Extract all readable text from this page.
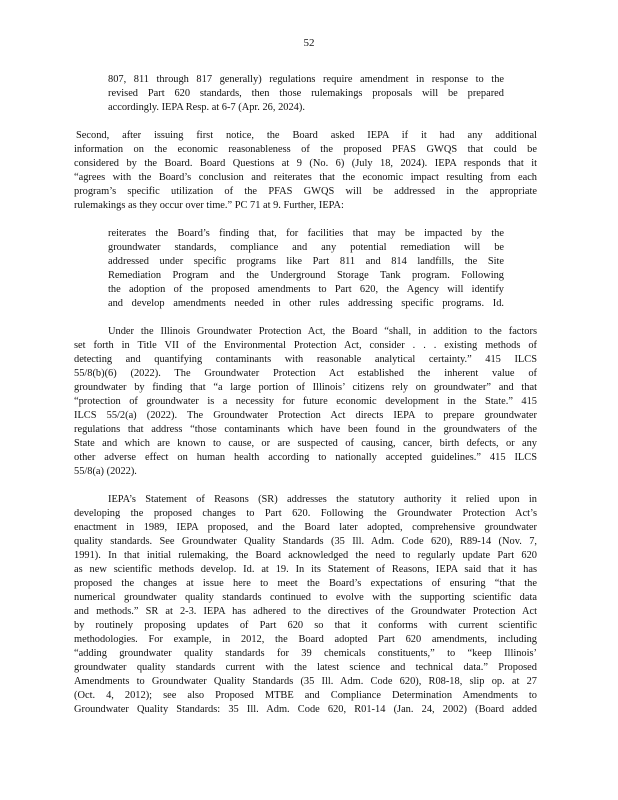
52
807, 811 through 817 generally) regulations require amendment in response to the
revised Part 620 standards, then those rulemakings proposals will be prepared
accordingly. IEPA Resp. at 6-7 (Apr. 26, 2024).
Second, after issuing first notice, the Board asked IEPA if it had any additional
information on the economic reasonableness of the proposed PFAS GWQS that could be
considered by the Board. Board Questions at 9 (No. 6) (July 18, 2024). IEPA responds that it
“agrees with the Board’s conclusion and reiterates that the economic impact resulting from each
program’s specific utilization of the PFAS GWQS will be addressed in the appropriate
rulemakings as they occur over time.” PC 71 at 9. Further, IEPA:
reiterates the Board’s finding that, for facilities that may be impacted by the
groundwater standards, compliance and any potential remediation will be
addressed under specific programs like Part 811 and 814 landfills, the Site
Remediation Program and the Underground Storage Tank program. Following
the adoption of the proposed amendments to Part 620, the Agency will identify
and develop amendments needed in other rules addressing specific programs. Id.
Under the Illinois Groundwater Protection Act, the Board “shall, in addition to the factors
set forth in Title VII of the Environmental Protection Act, consider . . . existing methods of
detecting and quantifying contaminants with reasonable analytical certainty.” 415 ILCS
55/8(b)(6) (2022). The Groundwater Protection Act established the inherent value of
groundwater by finding that “a large portion of Illinois’ citizens rely on groundwater” and that
“protection of groundwater is a necessity for future economic development in the State.” 415
ILCS 55/2(a) (2022). The Groundwater Protection Act directs IEPA to prepare groundwater
regulations that address “those contaminants which have been found in the groundwaters of the
State and which are known to cause, or are suspected of causing, cancer, birth defects, or any
other adverse effect on human health according to nationally accepted guidelines.” 415 ILCS
55/8(a) (2022).
IEPA’s Statement of Reasons (SR) addresses the statutory authority it relied upon in
developing the proposed changes to Part 620. Following the Groundwater Protection Act’s
enactment in 1989, IEPA proposed, and the Board later adopted, comprehensive groundwater
quality standards. See Groundwater Quality Standards (35 Ill. Adm. Code 620), R89-14 (Nov. 7,
1991). In that initial rulemaking, the Board acknowledged the need to regularly update Part 620
as new scientific methods develop. Id. at 19. In its Statement of Reasons, IEPA said that it has
proposed the changes at issue here to meet the Board’s expectations of ensuring “that the
numerical groundwater quality standards continued to evolve with the supporting scientific data
and methods.” SR at 2-3. IEPA has adhered to the directives of the Groundwater Protection Act
by routinely proposing updates of Part 620 so that it conforms with current scientific
methodologies. For example, in 2012, the Board adopted Part 620 amendments, including
“adding groundwater quality standards for 39 chemicals constituents,” to “keep Illinois’
groundwater quality standards current with the latest science and technical data.” Proposed
Amendments to Groundwater Quality Standards (35 Ill. Adm. Code 620), R08-18, slip op. at 27
(Oct. 4, 2012); see also Proposed MTBE and Compliance Determination Amendments to
Groundwater Quality Standards: 35 Ill. Adm. Code 620, R01-14 (Jan. 24, 2002) (Board added
